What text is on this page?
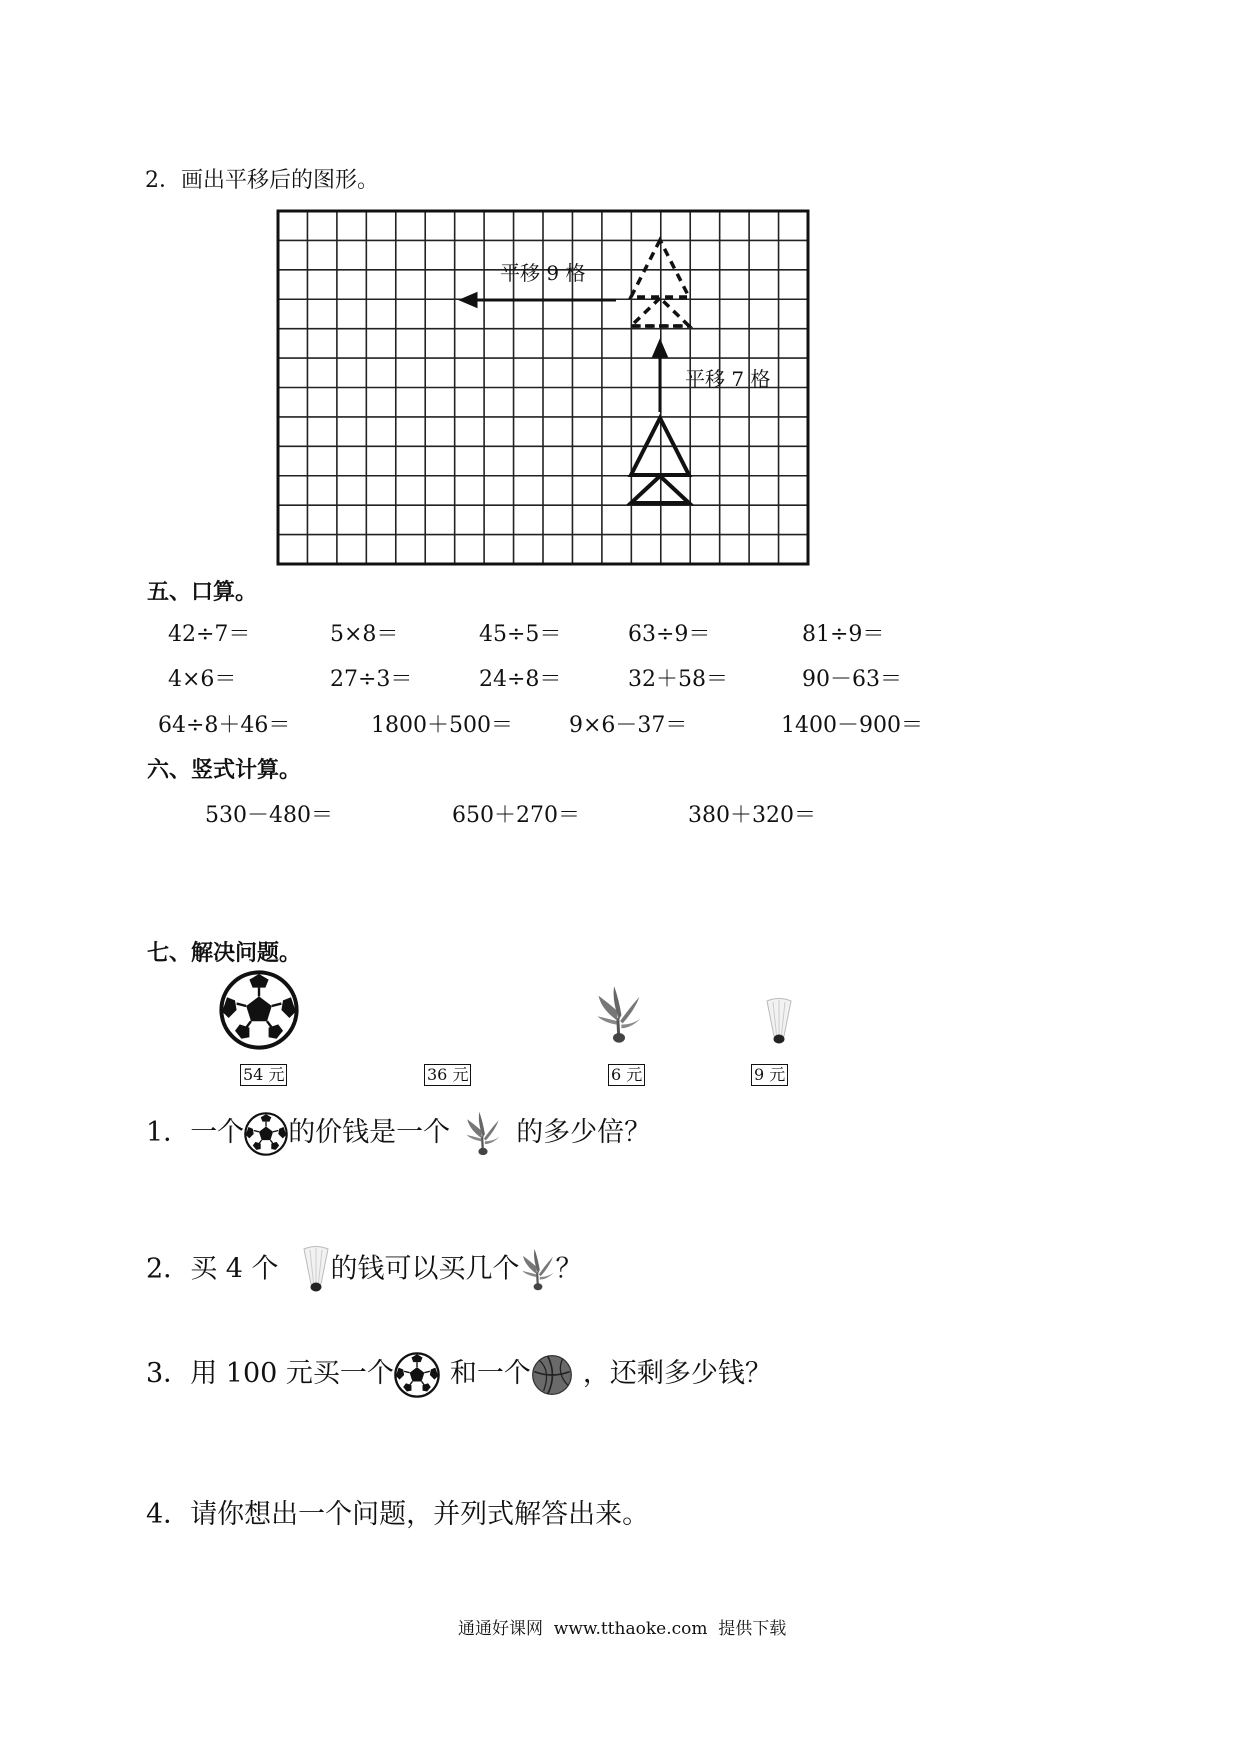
2．画出平移后的图形。
平移 9 格
平移 7 格
五、口算。
42÷7＝	5×8＝	45÷5＝	63÷9＝	81÷9＝
4×6＝	27÷3＝	24÷8＝	32＋58＝	90－63＝
64÷8＋46＝	1800＋500＝	9×6－37＝	1400－900＝
六、竖式计算。
530－480＝	650＋270＝	380＋320＝
七、解决问题。
54 元	36 元	6 元	9 元
1．一个 的价钱是一个 的多少倍？
2．买 4 个 的钱可以买几个 ？
3．用 100 元买一个 和一个 ，还剩多少钱？
4．请你想出一个问题，并列式解答出来。
通通好课网  www.tthaoke.com  提供下载
